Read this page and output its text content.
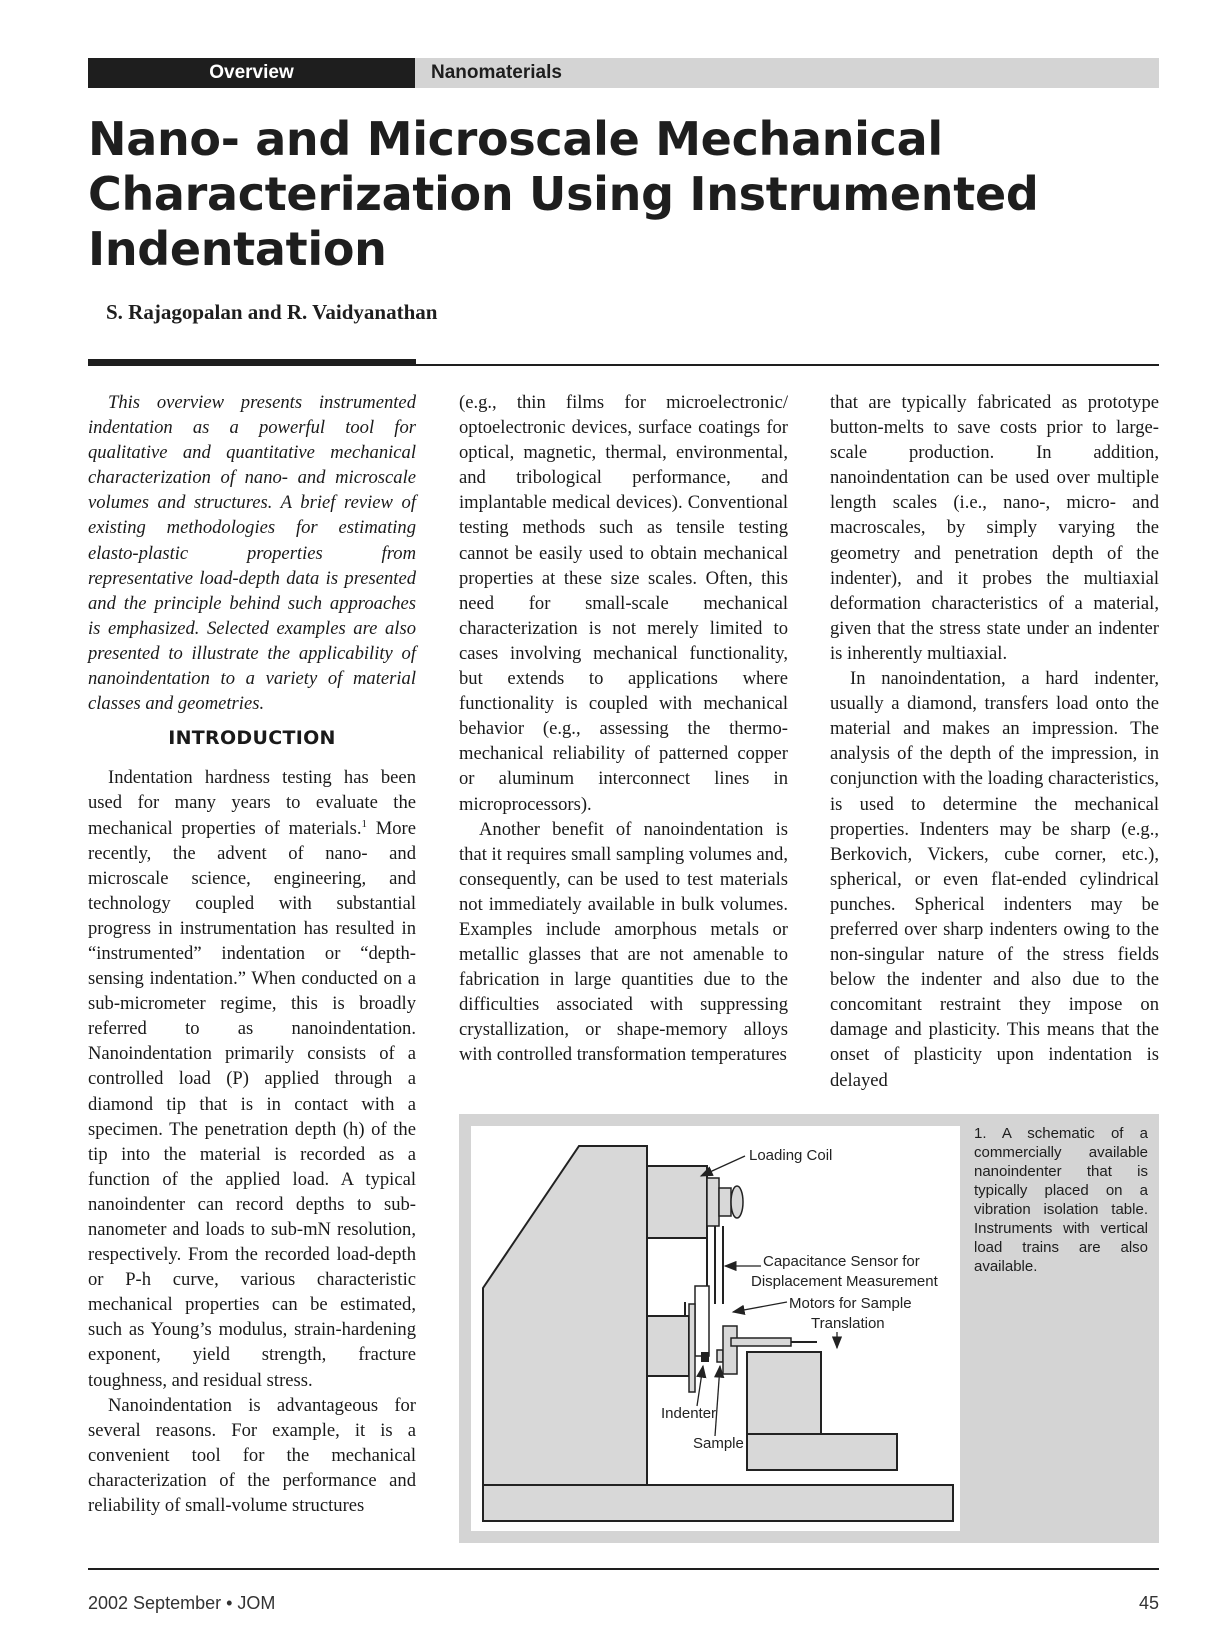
Overview	Nanomaterials
Nano- and Microscale Mechanical
Characterization Using Instrumented
Indentation
S. Rajagopalan and R. Vaidyanathan

This overview presents instrumented indentation as a powerful tool for qualitative and quantitative mechanical characterization of nano- and microscale volumes and structures. A brief review of existing methodologies for estimating elasto-plastic properties from representative load-depth data is presented and the principle behind such approaches is emphasized. Selected examples are also presented to illustrate the applicability of nanoindentation to a variety of material classes and geometries.

INTRODUCTION

Indentation hardness testing has been used for many years to evaluate the mechanical properties of materials.$^1$ More recently, the advent of nano- and microscale science, engineering, and technology coupled with substantial progress in instrumentation has resulted in “instrumented” indentation or “depth-sensing indentation.” When conducted on a sub-micrometer regime, this is broadly referred to as nanoindentation. Nanoindentation primarily consists of a controlled load (P) applied through a diamond tip that is in contact with a specimen. The penetration depth (h) of the tip into the material is recorded as a function of the applied load. A typical nanoindenter can record depths to sub-nanometer and loads to sub-mN resolution, respectively. From the recorded load-depth or P-h curve, various characteristic mechanical properties can be estimated, such as Young’s modulus, strain-hardening exponent, yield strength, fracture toughness, and residual stress.

Nanoindentation is advantageous for several reasons. For example, it is a convenient tool for the mechanical characterization of the performance and reliability of small-volume structures

(e.g., thin films for microelectronic/ optoelectronic devices, surface coatings for optical, magnetic, thermal, environmental, and tribological performance, and implantable medical devices). Conventional testing methods such as tensile testing cannot be easily used to obtain mechanical properties at these size scales. Often, this need for small-scale mechanical characterization is not merely limited to cases involving mechanical functionality, but extends to applications where functionality is coupled with mechanical behavior (e.g., assessing the thermo-mechanical reliability of patterned copper or aluminum interconnect lines in microprocessors).

Another benefit of nanoindentation is that it requires small sampling volumes and, consequently, can be used to test materials not immediately available in bulk volumes. Examples include amorphous metals or metallic glasses that are not amenable to fabrication in large quantities due to the difficulties associated with suppressing crystallization, or shape-memory alloys with controlled transformation temperatures

that are typically fabricated as prototype button-melts to save costs prior to large-scale production. In addition, nanoindentation can be used over multiple length scales (i.e., nano-, micro- and macroscales, by simply varying the geometry and penetration depth of the indenter), and it probes the multiaxial deformation characteristics of a material, given that the stress state under an indenter is inherently multiaxial.

In nanoindentation, a hard indenter, usually a diamond, transfers load onto the material and makes an impression. The analysis of the depth of the impression, in conjunction with the loading characteristics, is used to determine the mechanical properties. Indenters may be sharp (e.g., Berkovich, Vickers, cube corner, etc.), spherical, or even flat-ended cylindrical punches. Spherical indenters may be preferred over sharp indenters owing to the non-singular nature of the stress fields below the indenter and also due to the concomitant restraint they impose on damage and plasticity. This means that the onset of plasticity upon indentation is delayed

Loading Coil
Capacitance Sensor for
Displacement Measurement
Motors for Sample
Translation
Indenter
Sample
1. A schematic of a commercially available nanoindenter that is typically placed on a vibration isolation table. Instruments with vertical load trains are also available.
2002 September • JOM	45
